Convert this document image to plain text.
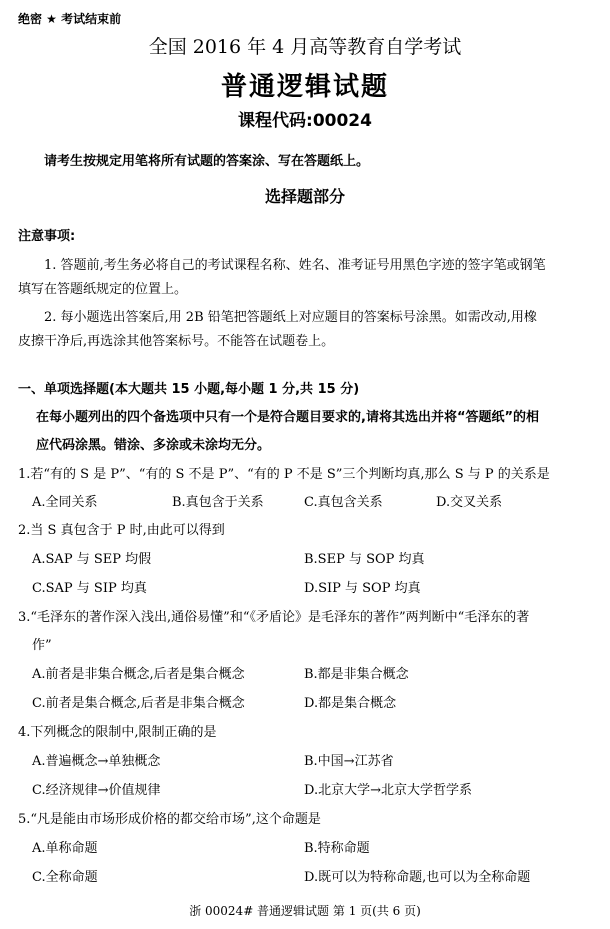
绝密 ★ 考试结束前
全国 2016 年 4 月高等教育自学考试
普通逻辑试题
课程代码:00024
请考生按规定用笔将所有试题的答案涂、写在答题纸上。
选择题部分
注意事项:
1. 答题前,考生务必将自己的考试课程名称、姓名、准考证号用黑色字迹的签字笔或钢笔
填写在答题纸规定的位置上。
2. 每小题选出答案后,用 2B 铅笔把答题纸上对应题目的答案标号涂黑。如需改动,用橡
皮擦干净后,再选涂其他答案标号。不能答在试题卷上。
一、单项选择题(本大题共 15 小题,每小题 1 分,共 15 分)
在每小题列出的四个备选项中只有一个是符合题目要求的,请将其选出并将“答题纸”的相
应代码涂黑。错涂、多涂或未涂均无分。
1.若“有的 S 是 P”、“有的 S 不是 P”、“有的 P 不是 S”三个判断均真,那么 S 与 P 的关系是
A.全同关系	B.真包含于关系	C.真包含关系	D.交叉关系
2.当 S 真包含于 P 时,由此可以得到
A.SAP 与 SEP 均假	B.SEP 与 SOP 均真
C.SAP 与 SIP 均真	D.SIP 与 SOP 均真
3.“毛泽东的著作深入浅出,通俗易懂”和“《矛盾论》是毛泽东的著作”两判断中“毛泽东的著
作”
A.前者是非集合概念,后者是集合概念	B.都是非集合概念
C.前者是集合概念,后者是非集合概念	D.都是集合概念
4.下列概念的限制中,限制正确的是
A.普遍概念→单独概念	B.中国→江苏省
C.经济规律→价值规律	D.北京大学→北京大学哲学系
5.“凡是能由市场形成价格的都交给市场”,这个命题是
A.单称命题	B.特称命题
C.全称命题	D.既可以为特称命题,也可以为全称命题
浙 00024# 普通逻辑试题 第 1 页(共 6 页)
